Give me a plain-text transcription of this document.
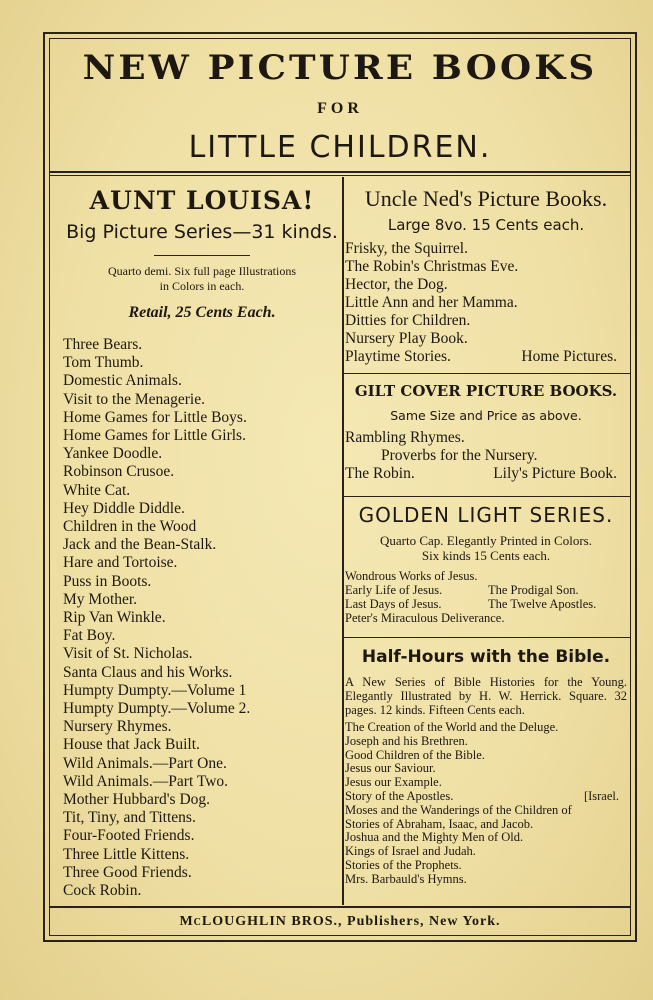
NEW PICTURE BOOKS
FOR
LITTLE CHILDREN.
AUNT LOUISA!
Big Picture Series—31 kinds.
Quarto demi. Six full page Illustrations
in Colors in each.
Retail, 25 Cents Each.
Three Bears.
Tom Thumb.
Domestic Animals.
Visit to the Menagerie.
Home Games for Little Boys.
Home Games for Little Girls.
Yankee Doodle.
Robinson Crusoe.
White Cat.
Hey Diddle Diddle.
Children in the Wood
Jack and the Bean-Stalk.
Hare and Tortoise.
Puss in Boots.
My Mother.
Rip Van Winkle.
Fat Boy.
Visit of St. Nicholas.
Santa Claus and his Works.
Humpty Dumpty.—Volume 1
Humpty Dumpty.—Volume 2.
Nursery Rhymes.
House that Jack Built.
Wild Animals.—Part One.
Wild Animals.—Part Two.
Mother Hubbard's Dog.
Tit, Tiny, and Tittens.
Four-Footed Friends.
Three Little Kittens.
Three Good Friends.
Cock Robin.
Uncle Ned's Picture Books.
Large 8vo. 15 Cents each.
Frisky, the Squirrel.
The Robin's Christmas Eve.
Hector, the Dog.
Little Ann and her Mamma.
Ditties for Children.
Nursery Play Book.
Playtime Stories.	Home Pictures.
GILT COVER PICTURE BOOKS.
Same Size and Price as above.
Rambling Rhymes.
Proverbs for the Nursery.
The Robin.	Lily's Picture Book.
GOLDEN LIGHT SERIES.
Quarto Cap. Elegantly Printed in Colors.
Six kinds 15 Cents each.
Wondrous Works of Jesus.
Early Life of Jesus.	The Prodigal Son.
Last Days of Jesus.	The Twelve Apostles.
Peter's Miraculous Deliverance.
Half-Hours with the Bible.
A New Series of Bible Histories for the Young. Elegantly Illustrated by H. W. Herrick. Square. 32 pages. 12 kinds. Fifteen Cents each.
The Creation of the World and the Deluge.
Joseph and his Brethren.
Good Children of the Bible.
Jesus our Saviour.
Jesus our Example.
Story of the Apostles.	[Israel.
Moses and the Wanderings of the Children of
Stories of Abraham, Isaac, and Jacob.
Joshua and the Mighty Men of Old.
Kings of Israel and Judah.
Stories of the Prophets.
Mrs. Barbauld's Hymns.
McLOUGHLIN BROS., Publishers, New York.
